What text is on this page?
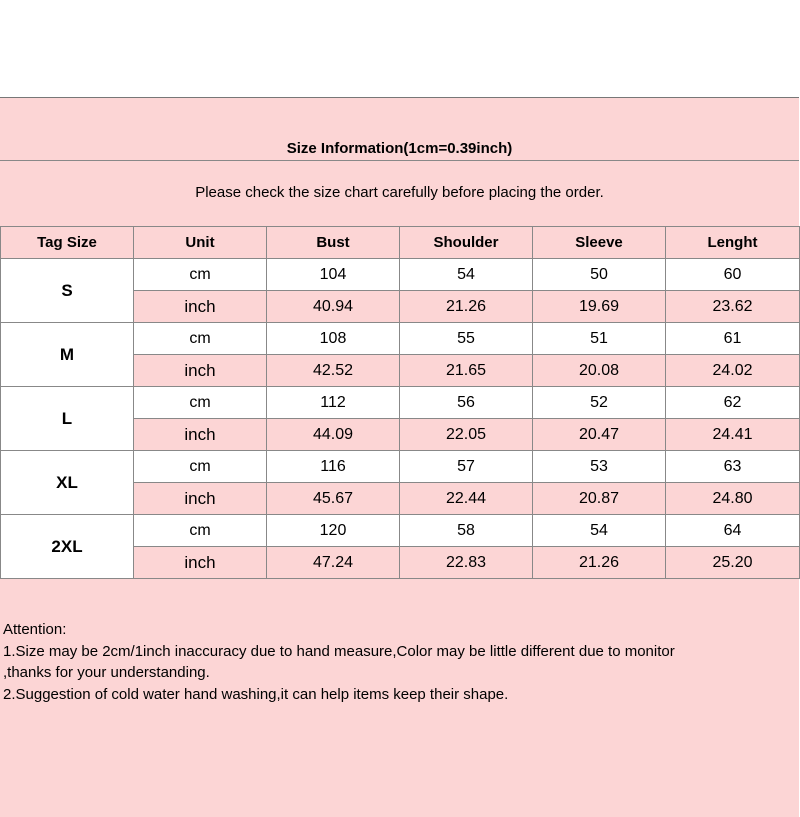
Size Information(1cm=0.39inch)
Please check the size chart carefully before placing the order.
Tag Size	Unit	Bust	Shoulder	Sleeve	Lenght
S	cm	104	54	50	60
	inch	40.94	21.26	19.69	23.62
M	cm	108	55	51	61
	inch	42.52	21.65	20.08	24.02
L	cm	112	56	52	62
	inch	44.09	22.05	20.47	24.41
XL	cm	116	57	53	63
	inch	45.67	22.44	20.87	24.80
2XL	cm	120	58	54	64
	inch	47.24	22.83	21.26	25.20
Attention:
1.Size may be 2cm/1inch inaccuracy due to hand measure,Color may be little different due to monitor
,thanks for your understanding.
2.Suggestion of cold water hand washing,it can help items keep their shape.
